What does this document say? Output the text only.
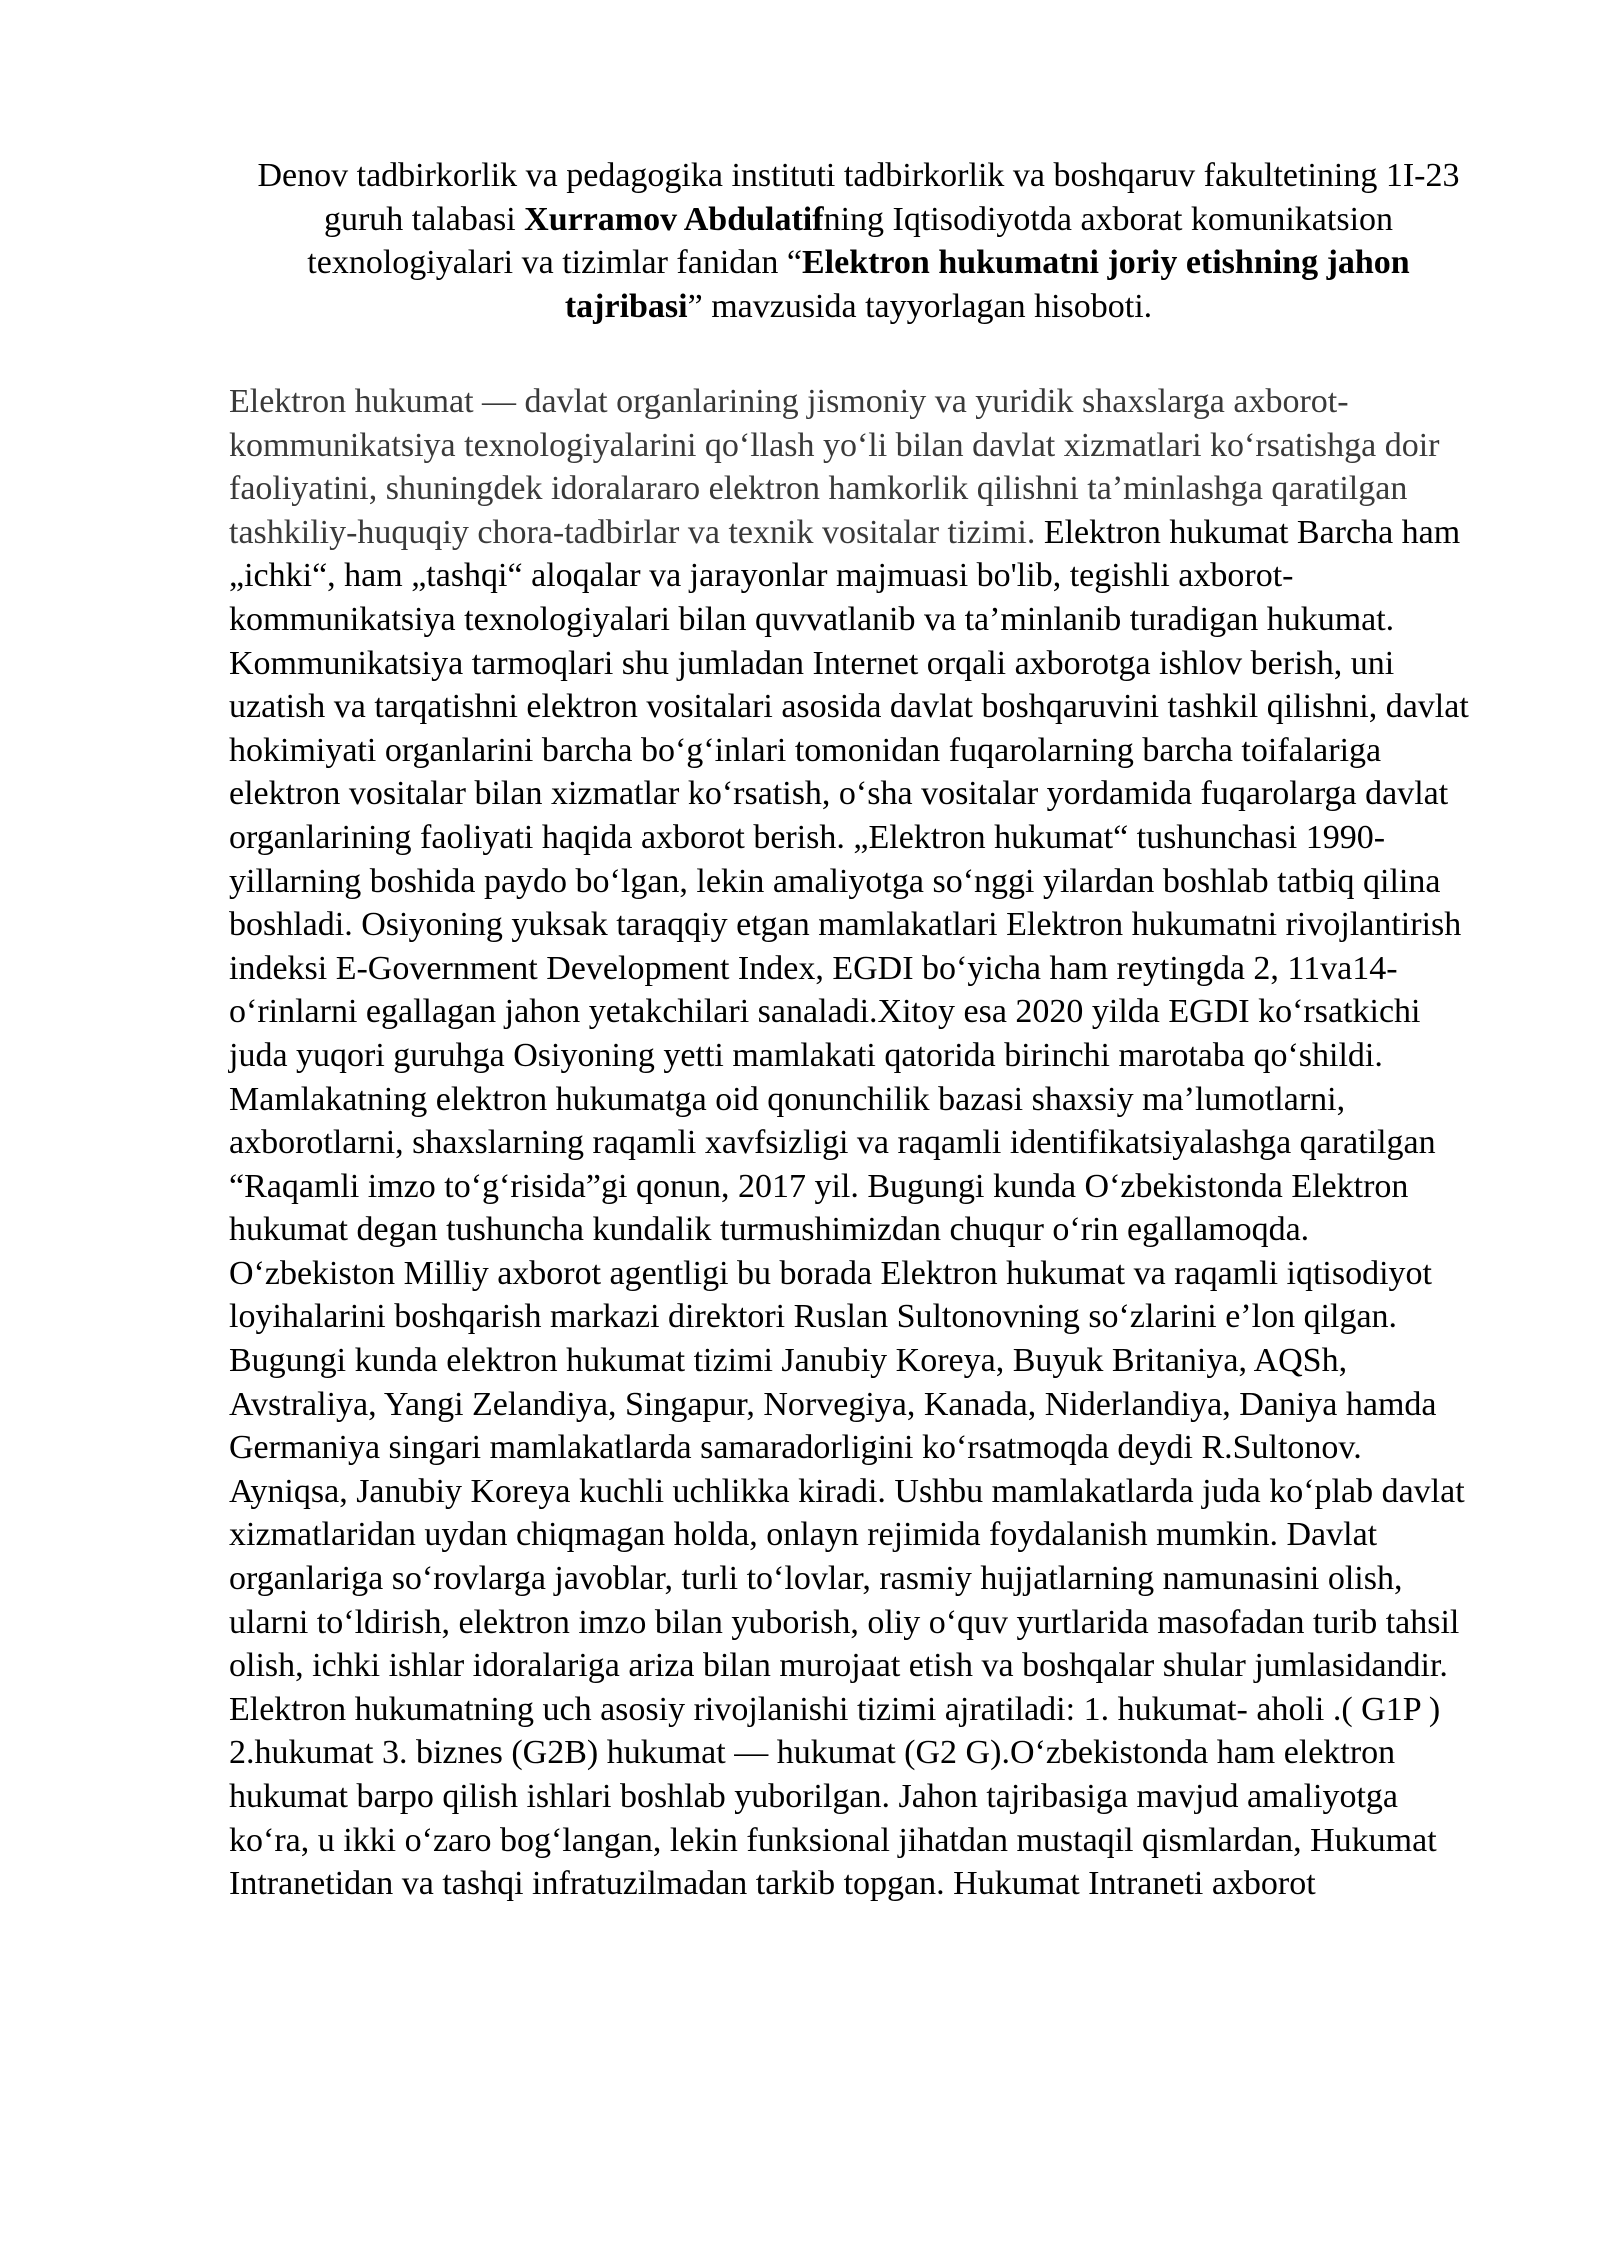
Denov tadbirkorlik va pedagogika instituti tadbirkorlik va boshqaruv fakultetining 1I-23 guruh talabasi Xurramov Abdulatifning Iqtisodiyotda axborat komunikatsion texnologiyalari va tizimlar fanidan “Elektron hukumatni joriy etishning jahon tajribasi” mavzusida tayyorlagan hisoboti.

Elektron hukumat — davlat organlarining jismoniy va yuridik shaxslarga axborot-kommunikatsiya texnologiyalarini qoʻllash yoʻli bilan davlat xizmatlari koʻrsatishga doir faoliyatini, shuningdek idoralararo elektron hamkorlik qilishni taʼminlashga qaratilgan tashkiliy-huquqiy chora-tadbirlar va texnik vositalar tizimi. Elektron hukumat Barcha ham „ichki“, ham „tashqi“ aloqalar va jarayonlar majmuasi bo'lib, tegishli axborot-kommunikatsiya texnologiyalari bilan quvvatlanib va ta’minlanib turadigan hukumat. Kommunikatsiya tarmoqlari shu jumladan Internet orqali axborotga ishlov berish, uni uzatish va tarqatishni elektron vositalari asosida davlat boshqaruvini tashkil qilishni, davlat hokimiyati organlarini barcha boʻgʻinlari tomonidan fuqarolarning barcha toifalariga elektron vositalar bilan xizmatlar koʻrsatish, oʻsha vositalar yordamida fuqarolarga davlat organlarining faoliyati haqida axborot berish. „Elektron hukumat“ tushunchasi 1990-yillarning boshida paydo boʻlgan, lekin amaliyotga soʻnggi yilardan boshlab tatbiq qilina boshladi. Osiyoning yuksak taraqqiy etgan mamlakatlari Elektron hukumatni rivojlantirish indeksi E-Government Development Index, EGDI boʻyicha ham reytingda 2, 11va14-oʻrinlarni egallagan jahon yetakchilari sanaladi.Xitoy esa 2020 yilda EGDI koʻrsatkichi juda yuqori guruhga Osiyoning yetti mamlakati qatorida birinchi marotaba qoʻshildi. Mamlakatning elektron hukumatga oid qonunchilik bazasi shaxsiy maʼlumotlarni, axborotlarni, shaxslarning raqamli xavfsizligi va raqamli identifikatsiyalashga qaratilgan “Raqamli imzo toʻgʻrisida”gi qonun, 2017 yil. Bugungi kunda Oʻzbekistonda Elektron hukumat degan tushuncha kundalik turmushimizdan chuqur oʻrin egallamoqda. Oʻzbekiston Milliy axborot agentligi bu borada Elektron hukumat va raqamli iqtisodiyot loyihalarini boshqarish markazi direktori Ruslan Sultonovning soʻzlarini eʼlon qilgan. Bugungi kunda elektron hukumat tizimi Janubiy Koreya, Buyuk Britaniya, AQSh, Avstraliya, Yangi Zelandiya, Singapur, Norvegiya, Kanada, Niderlandiya, Daniya hamda Germaniya singari mamlakatlarda samaradorligini koʻrsatmoqda deydi R.Sultonov. Ayniqsa, Janubiy Koreya kuchli uchlikka kiradi. Ushbu mamlakatlarda juda koʻplab davlat xizmatlaridan uydan chiqmagan holda, onlayn rejimida foydalanish mumkin. Davlat organlariga soʻrovlarga javoblar, turli toʻlovlar, rasmiy hujjatlarning namunasini olish, ularni toʻldirish, elektron imzo bilan yuborish, oliy oʻquv yurtlarida masofadan turib tahsil olish, ichki ishlar idoralariga ariza bilan murojaat etish va boshqalar shular jumlasidandir. Elektron hukumatning uch asosiy rivojlanishi tizimi ajratiladi: 1. hukumat- aholi .( G1P ) 2.hukumat 3. biznes (G2B) hukumat — hukumat (G2 G).Oʻzbekistonda ham elektron hukumat barpo qilish ishlari boshlab yuborilgan. Jahon tajribasiga mavjud amaliyotga koʻra, u ikki oʻzaro bogʻlangan, lekin funksional jihatdan mustaqil qismlardan, Hukumat Intranetidan va tashqi infratuzilmadan tarkib topgan. Hukumat Intraneti axborot
